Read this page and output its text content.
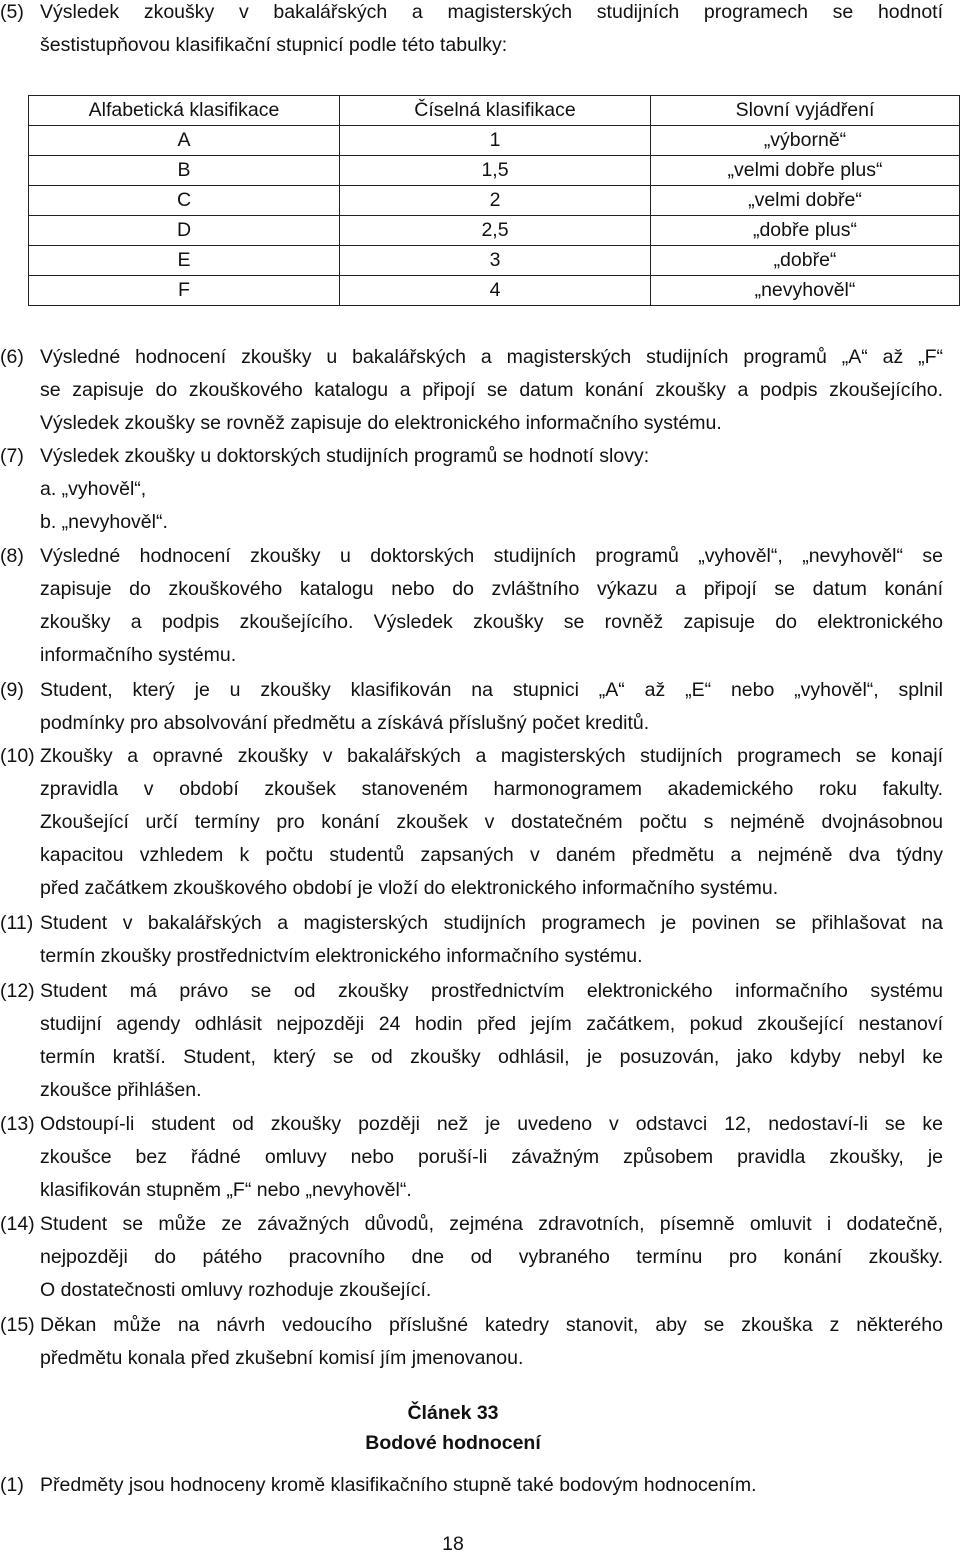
(5) Výsledek zkoušky v bakalářských a magisterských studijních programech se hodnotí
šestistupňovou klasifikační stupnicí podle této tabulky:
Alfabetická klasifikace	Číselná klasifikace	Slovní vyjádření
A	1	„výborně“
B	1,5	„velmi dobře plus“
C	2	„velmi dobře“
D	2,5	„dobře plus“
E	3	„dobře“
F	4	„nevyhověl“
(6) Výsledné hodnocení zkoušky u bakalářských a magisterských studijních programů „A“ až „F“
se zapisuje do zkouškového katalogu a připojí se datum konání zkoušky a podpis zkoušejícího.
Výsledek zkoušky se rovněž zapisuje do elektronického informačního systému.
(7) Výsledek zkoušky u doktorských studijních programů se hodnotí slovy:
a. „vyhověl“,
b. „nevyhověl“.
(8) Výsledné hodnocení zkoušky u doktorských studijních programů „vyhověl“, „nevyhověl“ se
zapisuje do zkouškového katalogu nebo do zvláštního výkazu a připojí se datum konání
zkoušky a podpis zkoušejícího. Výsledek zkoušky se rovněž zapisuje do elektronického
informačního systému.
(9) Student, který je u zkoušky klasifikován na stupnici „A“ až „E“ nebo „vyhověl“, splnil
podmínky pro absolvování předmětu a získává příslušný počet kreditů.
(10) Zkoušky a opravné zkoušky v bakalářských a magisterských studijních programech se konají
zpravidla v období zkoušek stanoveném harmonogramem akademického roku fakulty.
Zkoušející určí termíny pro konání zkoušek v dostatečném počtu s nejméně dvojnásobnou
kapacitou vzhledem k počtu studentů zapsaných v daném předmětu a nejméně dva týdny
před začátkem zkouškového období je vloží do elektronického informačního systému.
(11) Student v bakalářských a magisterských studijních programech je povinen se přihlašovat na
termín zkoušky prostřednictvím elektronického informačního systému.
(12) Student má právo se od zkoušky prostřednictvím elektronického informačního systému
studijní agendy odhlásit nejpozději 24 hodin před jejím začátkem, pokud zkoušející nestanoví
termín kratší. Student, který se od zkoušky odhlásil, je posuzován, jako kdyby nebyl ke
zkoušce přihlášen.
(13) Odstoupí-li student od zkoušky později než je uvedeno v odstavci 12, nedostaví-li se ke
zkoušce bez řádné omluvy nebo poruší-li závažným způsobem pravidla zkoušky, je
klasifikován stupněm „F“ nebo „nevyhověl“.
(14) Student se může ze závažných důvodů, zejména zdravotních, písemně omluvit i dodatečně,
nejpozději do pátého pracovního dne od vybraného termínu pro konání zkoušky.
O dostatečnosti omluvy rozhoduje zkoušející.
(15) Děkan může na návrh vedoucího příslušné katedry stanovit, aby se zkouška z některého
předmětu konala před zkušební komisí jím jmenovanou.
Článek 33
Bodové hodnocení
(1) Předměty jsou hodnoceny kromě klasifikačního stupně také bodovým hodnocením.
18
